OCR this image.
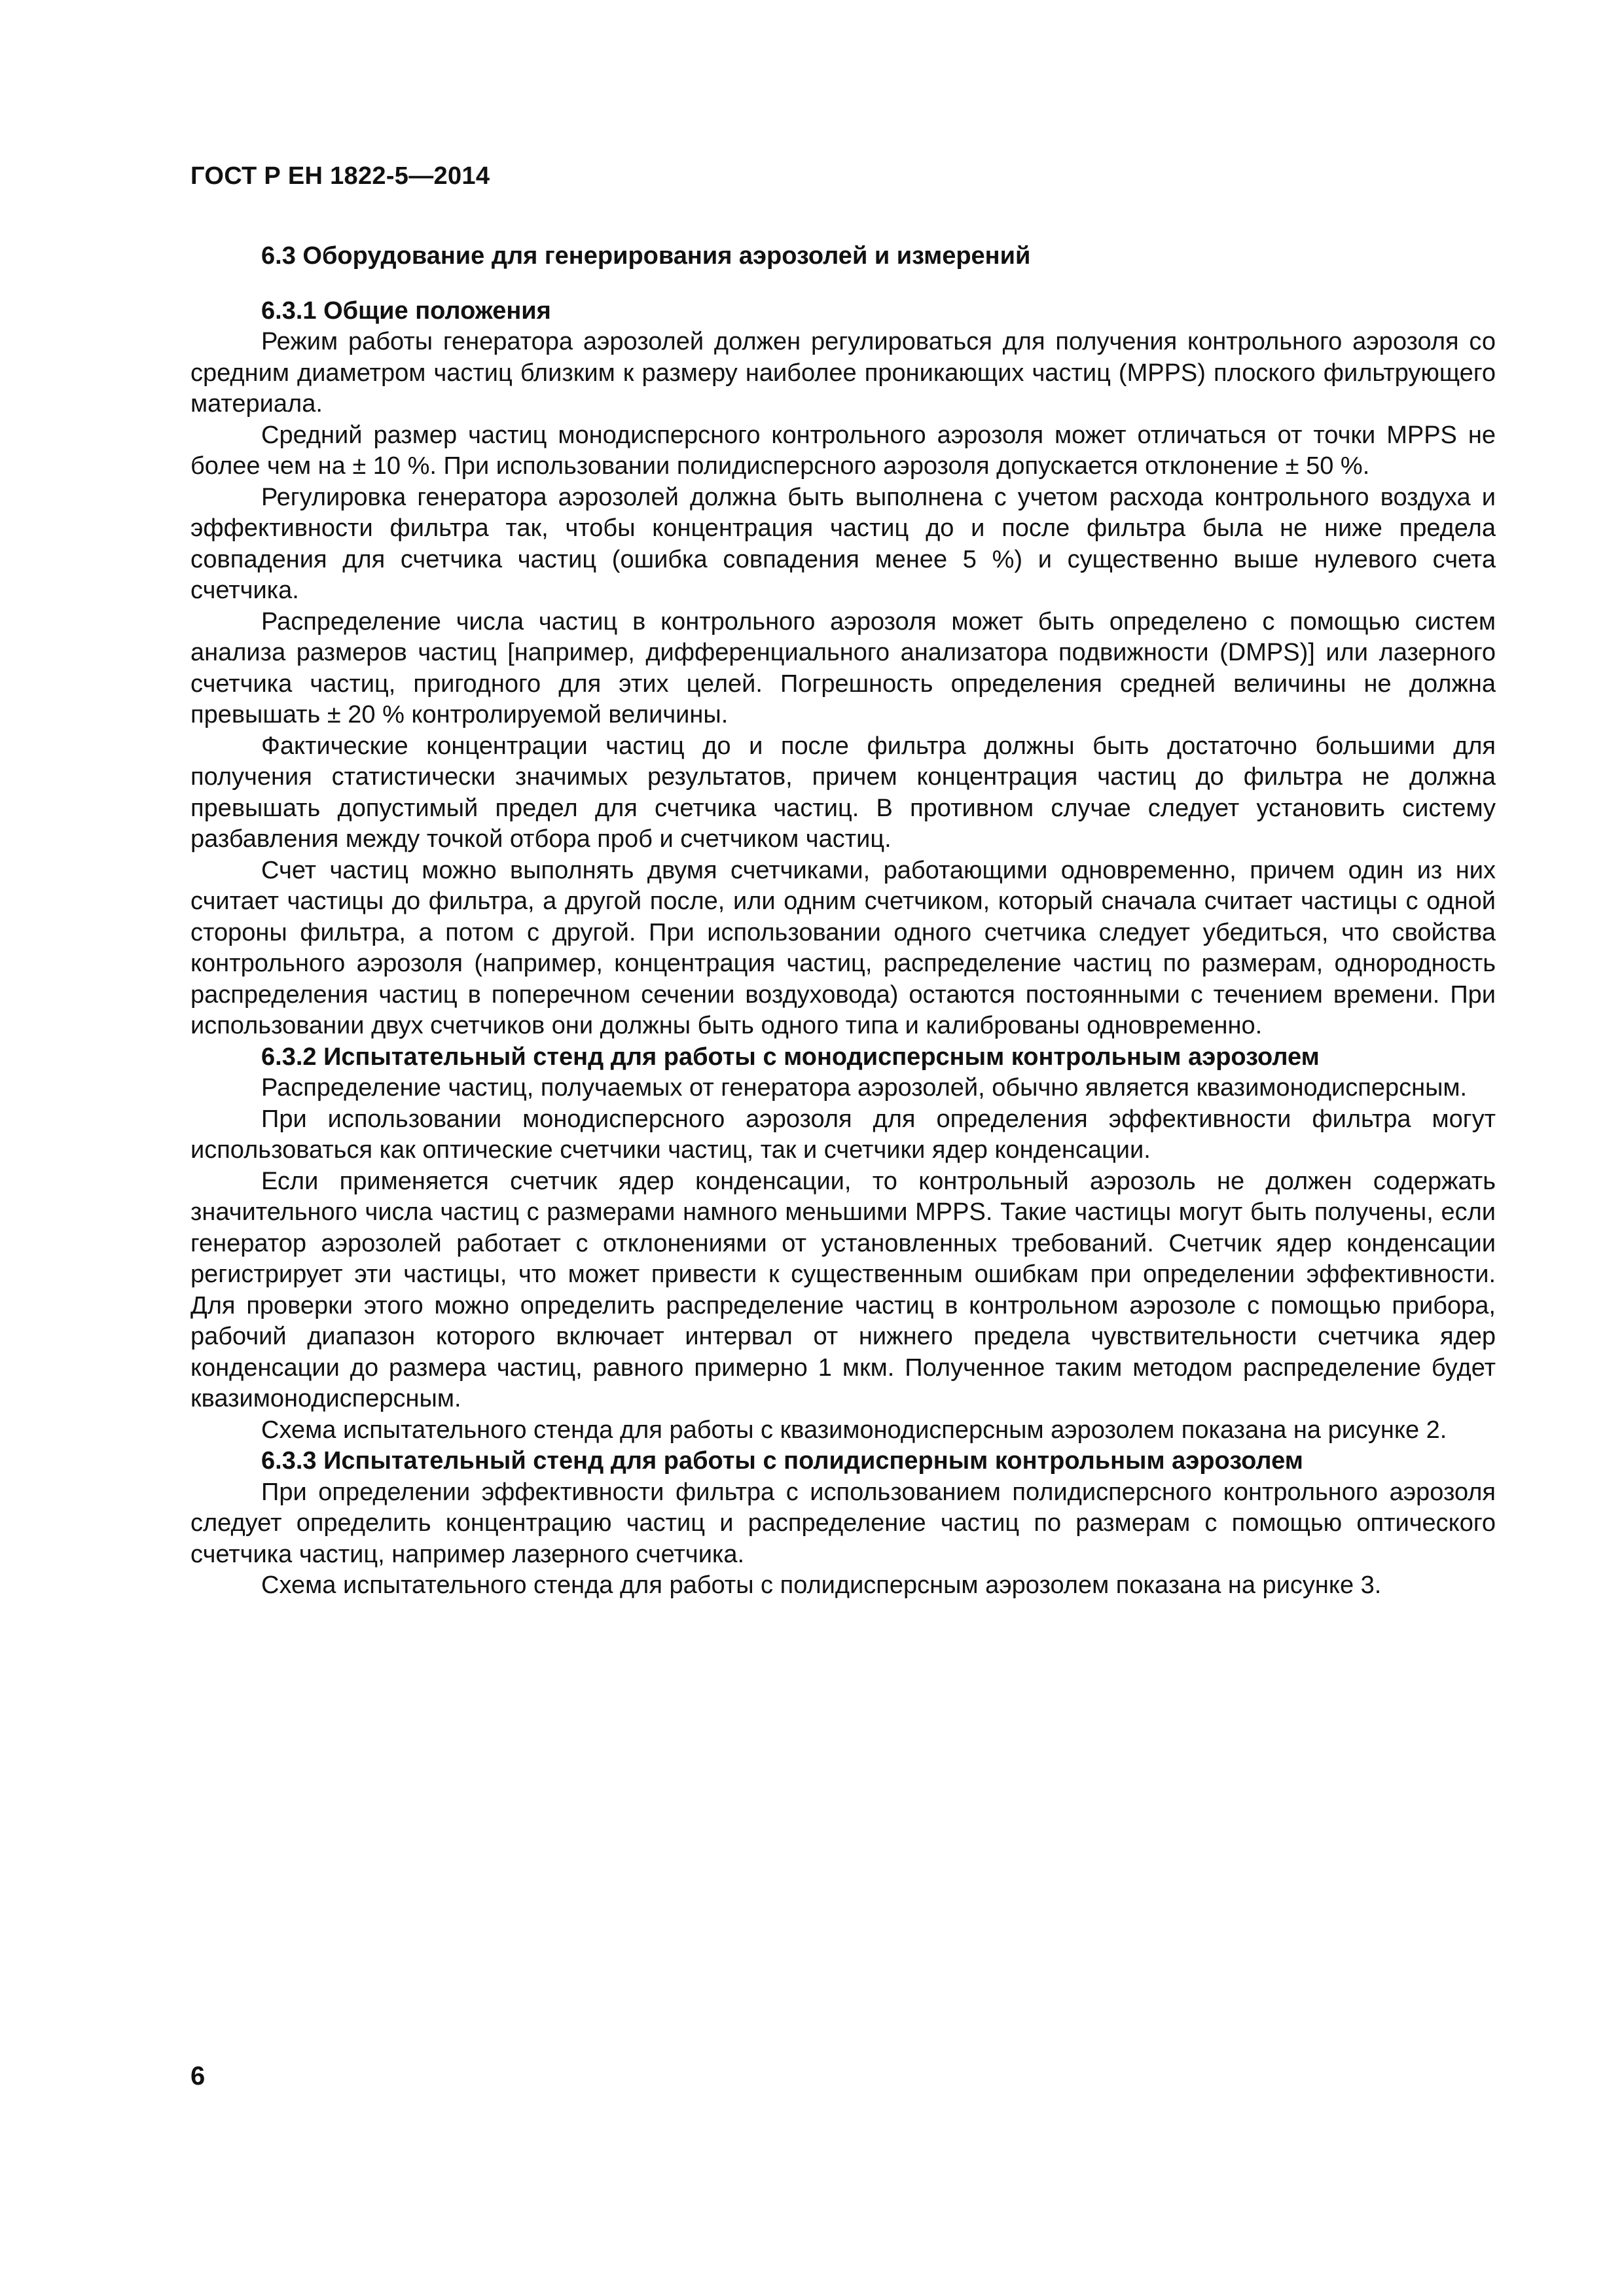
ГОСТ Р ЕН 1822-5—2014

6.3 Оборудование для генерирования аэрозолей и измерений

6.3.1 Общие положения

Режим работы генератора аэрозолей должен регулироваться для получения контрольного аэрозоля со средним диаметром частиц близким к размеру наиболее проникающих частиц (MPPS) плоского фильтрующего материала.

Средний размер частиц монодисперсного контрольного аэрозоля может отличаться от точки MPPS не более чем на ± 10 %. При использовании полидисперсного аэрозоля допускается отклонение ± 50 %.

Регулировка генератора аэрозолей должна быть выполнена с учетом расхода контрольного воздуха и эффективности фильтра так, чтобы концентрация частиц до и после фильтра была не ниже предела совпадения для счетчика частиц (ошибка совпадения менее 5 %) и существенно выше нулевого счета счетчика.

Распределение числа частиц в контрольного аэрозоля может быть определено с помощью систем анализа размеров частиц [например, дифференциального анализатора подвижности (DMPS)] или лазерного счетчика частиц, пригодного для этих целей. Погрешность определения средней величины не должна превышать ± 20 % контролируемой величины.

Фактические концентрации частиц до и после фильтра должны быть достаточно большими для получения статистически значимых результатов, причем концентрация частиц до фильтра не должна превышать допустимый предел для счетчика частиц. В противном случае следует установить систему разбавления между точкой отбора проб и счетчиком частиц.

Счет частиц можно выполнять двумя счетчиками, работающими одновременно, причем один из них считает частицы до фильтра, а другой после, или одним счетчиком, который сначала считает частицы с одной стороны фильтра, а потом с другой. При использовании одного счетчика следует убедиться, что свойства контрольного аэрозоля (например, концентрация частиц, распределение частиц по размерам, однородность распределения частиц в поперечном сечении воздуховода) остаются постоянными с течением времени. При использовании двух счетчиков они должны быть одного типа и калиброваны одновременно.

6.3.2 Испытательный стенд для работы с монодисперсным контрольным аэрозолем

Распределение частиц, получаемых от генератора аэрозолей, обычно является квазимонодисперсным.

При использовании монодисперсного аэрозоля для определения эффективности фильтра могут использоваться как оптические счетчики частиц, так и счетчики ядер конденсации.

Если применяется счетчик ядер конденсации, то контрольный аэрозоль не должен содержать значительного числа частиц с размерами намного меньшими MPPS. Такие частицы могут быть получены, если генератор аэрозолей работает с отклонениями от установленных требований. Счетчик ядер конденсации регистрирует эти частицы, что может привести к существенным ошибкам при определении эффективности. Для проверки этого можно определить распределение частиц в контрольном аэрозоле с помощью прибора, рабочий диапазон которого включает интервал от нижнего предела чувствительности счетчика ядер конденсации до размера частиц, равного примерно 1 мкм. Полученное таким методом распределение будет квазимонодисперсным.

Схема испытательного стенда для работы с квазимонодисперсным аэрозолем показана на рисунке 2.

6.3.3 Испытательный стенд для работы с полидисперным контрольным аэрозолем

При определении эффективности фильтра с использованием полидисперсного контрольного аэрозоля следует определить концентрацию частиц и распределение частиц по размерам с помощью оптического счетчика частиц, например лазерного счетчика.

Схема испытательного стенда для работы с полидисперсным аэрозолем показана на рисунке 3.

6
